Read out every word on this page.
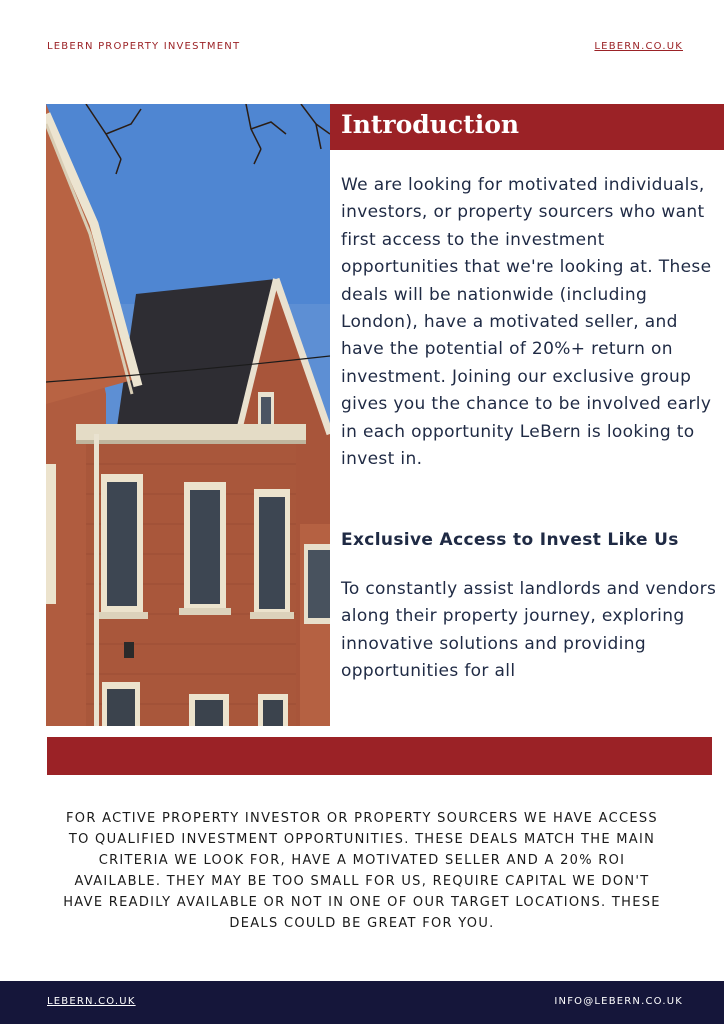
LEBERN PROPERTY INVESTMENT	LEBERN.CO.UK
Introduction

We are looking for motivated individuals, investors, or property sourcers who want first access to the investment opportunities that we're looking at. These deals will be nationwide (including London), have a motivated seller, and have the potential of 20%+ return on investment. Joining our exclusive group gives you the chance to be involved early in each opportunity LeBern is looking to invest in.

Exclusive Access to Invest Like Us

To constantly assist landlords and vendors along their property journey, exploring innovative solutions and providing opportunities for all

FOR ACTIVE PROPERTY INVESTOR OR PROPERTY SOURCERS WE HAVE ACCESS TO QUALIFIED INVESTMENT OPPORTUNITIES. THESE DEALS MATCH THE MAIN CRITERIA WE LOOK FOR, HAVE A MOTIVATED SELLER AND A 20% ROI AVAILABLE. THEY MAY BE TOO SMALL FOR US, REQUIRE CAPITAL WE DON'T HAVE READILY AVAILABLE OR NOT IN ONE OF OUR TARGET LOCATIONS. THESE DEALS COULD BE GREAT FOR YOU.

LEBERN.CO.UK	INFO@LEBERN.CO.UK
